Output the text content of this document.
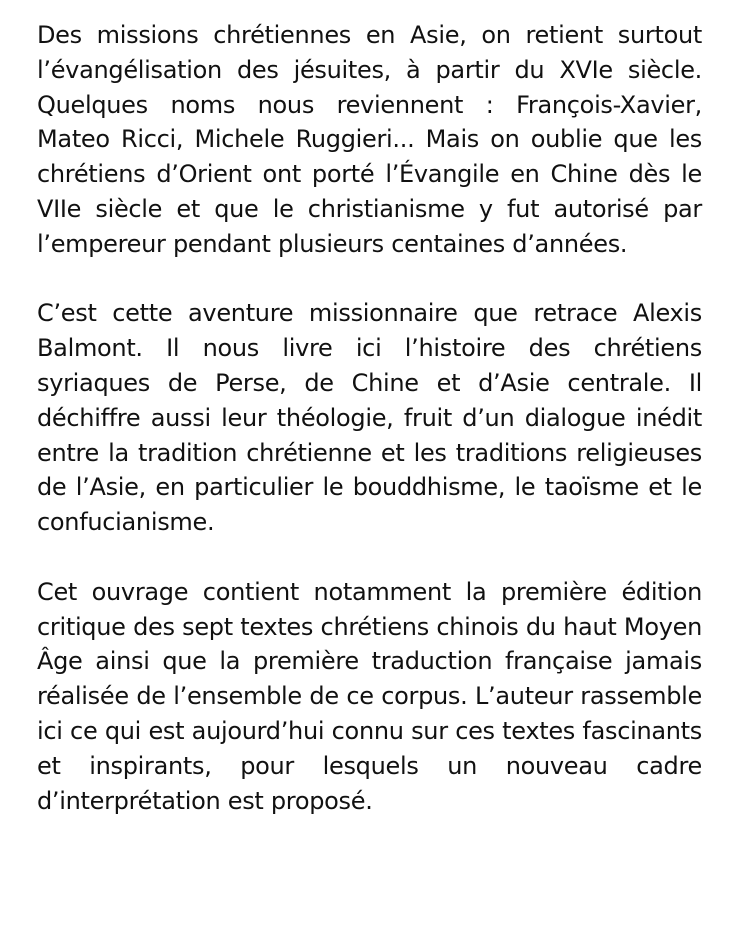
Des missions chrétiennes en Asie, on retient surtout l’évangélisation des jésuites, à partir du XVIe siècle. Quelques noms nous reviennent : François-Xavier, Mateo Ricci, Michele Ruggieri... Mais on oublie que les chrétiens d’Orient ont porté l’Évangile en Chine dès le VIIe siècle et que le christianisme y fut autorisé par l’empereur pendant plusieurs centaines d’années.

C’est cette aventure missionnaire que retrace Alexis Balmont. Il nous livre ici l’histoire des chrétiens syriaques de Perse, de Chine et d’Asie centrale. Il déchiffre aussi leur théologie, fruit d’un dialogue inédit entre la tradition chrétienne et les traditions religieuses de l’Asie, en particulier le bouddhisme, le taoïsme et le confucianisme.

Cet ouvrage contient notamment la première édition critique des sept textes chrétiens chinois du haut Moyen Âge ainsi que la première traduction française jamais réalisée de l’ensemble de ce corpus. L’auteur rassemble ici ce qui est aujourd’hui connu sur ces textes fascinants et inspirants, pour lesquels un nouveau cadre d’interprétation est proposé.
